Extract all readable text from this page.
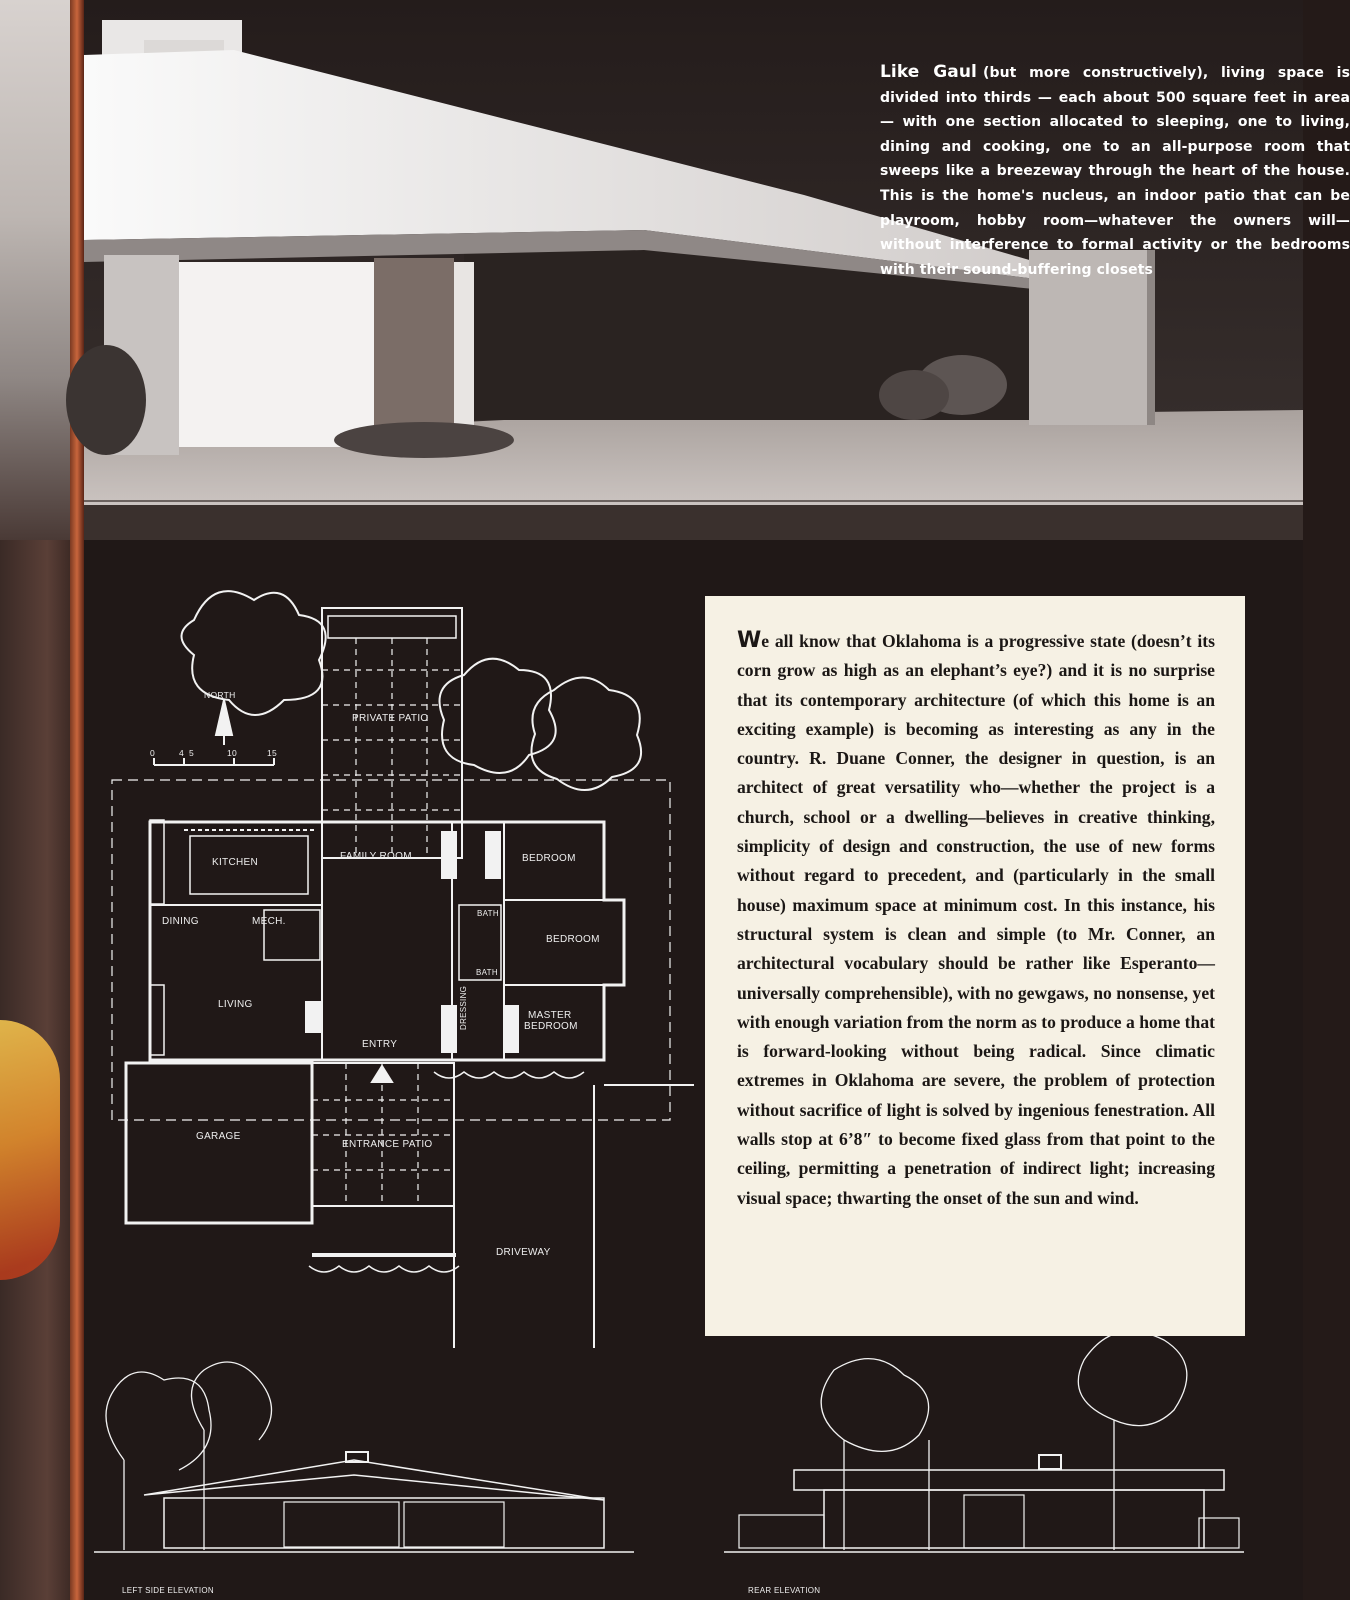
Like Gaul (but more constructively), living space is divided into thirds — each about 500 square feet in area — with one section allocated to sleeping, one to living, dining and cooking, one to an all-purpose room that sweeps like a breezeway through the heart of the house. This is the home's nucleus, an indoor patio that can be playroom, hobby room—whatever the owners will—without interference to formal activity or the bedrooms with their sound-buffering closets
NORTH
0	4 5	10	15
PRIVATE PATIO
KITCHEN
FAMILY ROOM	BEDROOM
DINING	MECH.
BATH
BEDROOM
BATH
LIVING	DRESSING	MASTER
BEDROOM
ENTRY
GARAGE
ENTRANCE PATIO
DRIVEWAY
LEFT SIDE ELEVATION	REAR ELEVATION

We all know that Oklahoma is a progressive state (doesn’t its corn grow as high as an elephant’s eye?) and it is no surprise that its contemporary architecture (of which this home is an exciting example) is becoming as interesting as any in the country. R. Duane Conner, the designer in question, is an architect of great versatility who—whether the project is a church, school or a dwelling—believes in creative thinking, simplicity of design and construction, the use of new forms without regard to precedent, and (particularly in the small house) maximum space at minimum cost. In this instance, his structural system is clean and simple (to Mr. Conner, an architectural vocabulary should be rather like Esperanto—universally comprehensible), with no gewgaws, no nonsense, yet with enough variation from the norm as to produce a home that is forward-looking without being radical. Since climatic extremes in Oklahoma are severe, the problem of protection without sacrifice of light is solved by ingenious fenestration. All walls stop at 6’8″ to become fixed glass from that point to the ceiling, permitting a penetration of indirect light; increasing visual space; thwarting the onset of the sun and wind.
